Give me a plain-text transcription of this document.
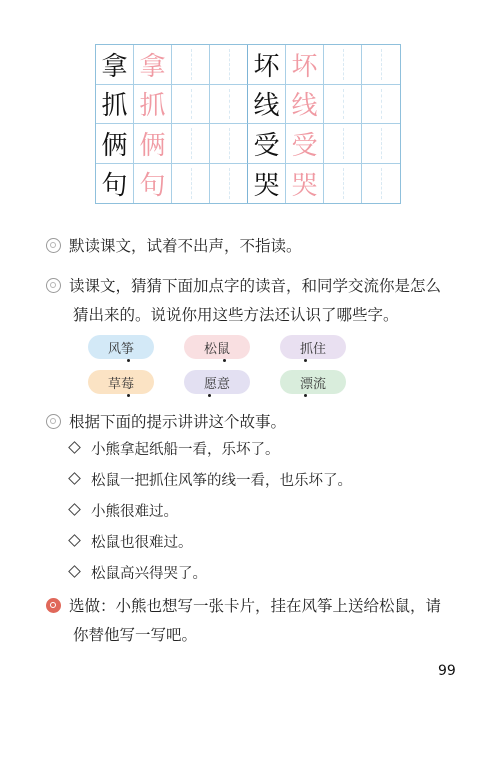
拿 拿	坏 坏
抓 抓	线 线
俩 俩	受 受
句 句	哭 哭
默读课文，试着不出声，不指读。
读课文，猜猜下面加点字的读音，和同学交流你是怎么
猜出来的。说说你用这些方法还认识了哪些字。
风筝	松鼠	抓住
草莓	愿意	漂流
根据下面的提示讲讲这个故事。
小熊拿起纸船一看，乐坏了。
松鼠一把抓住风筝的线一看，也乐坏了。
小熊很难过。
松鼠也很难过。
松鼠高兴得哭了。
选做：小熊也想写一张卡片，挂在风筝上送给松鼠，请
你替他写一写吧。
99
